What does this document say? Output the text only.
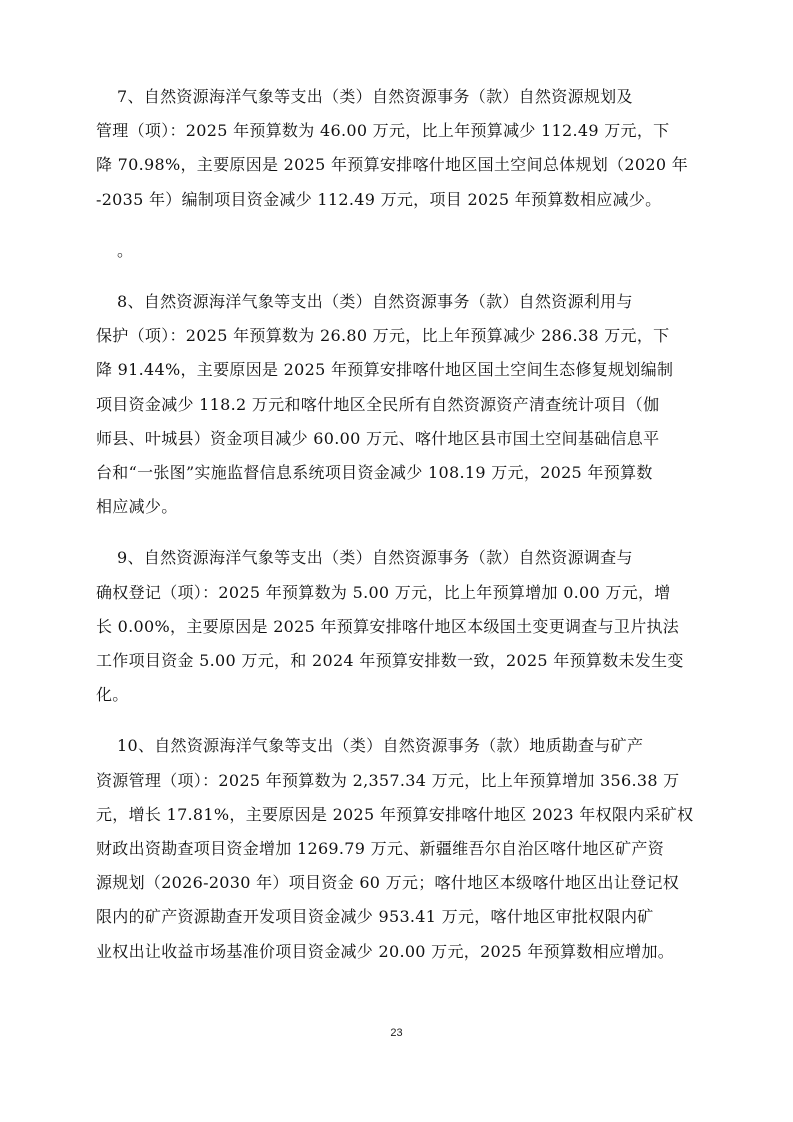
7、自然资源海洋气象等支出（类）自然资源事务（款）自然资源规划及
管理（项）：2025 年预算数为 46.00 万元，比上年预算减少 112.49 万元，下
降 70.98%，主要原因是 2025 年预算安排喀什地区国土空间总体规划（2020 年
-2035 年）编制项目资金减少 112.49 万元，项目 2025 年预算数相应减少。

。

8、自然资源海洋气象等支出（类）自然资源事务（款）自然资源利用与
保护（项）：2025 年预算数为 26.80 万元，比上年预算减少 286.38 万元，下
降 91.44%，主要原因是 2025 年预算安排喀什地区国土空间生态修复规划编制
项目资金减少 118.2 万元和喀什地区全民所有自然资源资产清查统计项目（伽
师县、叶城县）资金项目减少 60.00 万元、喀什地区县市国土空间基础信息平
台和“一张图”实施监督信息系统项目资金减少 108.19 万元，2025 年预算数
相应减少。

9、自然资源海洋气象等支出（类）自然资源事务（款）自然资源调查与
确权登记（项）：2025 年预算数为 5.00 万元，比上年预算增加 0.00 万元，增
长 0.00%，主要原因是 2025 年预算安排喀什地区本级国土变更调查与卫片执法
工作项目资金 5.00 万元，和 2024 年预算安排数一致，2025 年预算数未发生变
化。

10、自然资源海洋气象等支出（类）自然资源事务（款）地质勘查与矿产
资源管理（项）：2025 年预算数为 2,357.34 万元，比上年预算增加 356.38 万
元，增长 17.81%，主要原因是 2025 年预算安排喀什地区 2023 年权限内采矿权
财政出资勘查项目资金增加 1269.79 万元、新疆维吾尔自治区喀什地区矿产资
源规划（2026-2030 年）项目资金 60 万元；喀什地区本级喀什地区出让登记权
限内的矿产资源勘查开发项目资金减少 953.41 万元，喀什地区审批权限内矿
业权出让收益市场基准价项目资金减少 20.00 万元，2025 年预算数相应增加。

23
